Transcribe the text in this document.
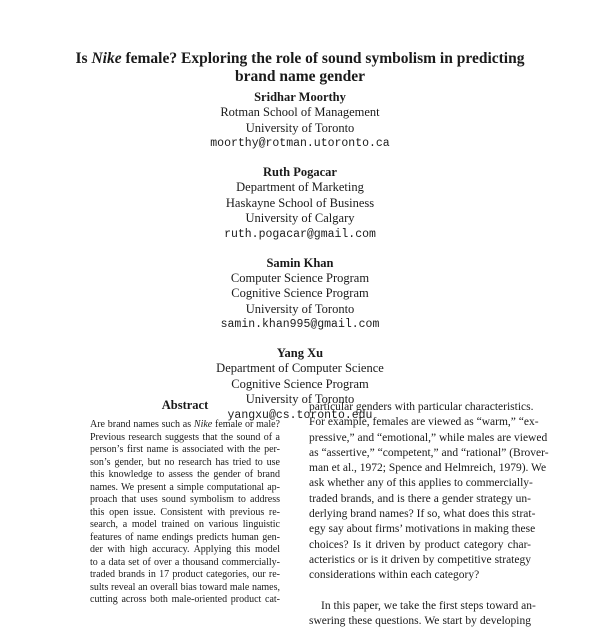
Is Nike female? Exploring the role of sound symbolism in predicting
brand name gender
Sridhar Moorthy
Rotman School of Management
University of Toronto
moorthy@rotman.utoronto.ca
Ruth Pogacar
Department of Marketing
Haskayne School of Business
University of Calgary
ruth.pogacar@gmail.com
Samin Khan
Computer Science Program
Cognitive Science Program
University of Toronto
samin.khan995@gmail.com
Yang Xu
Department of Computer Science
Cognitive Science Program
University of Toronto
yangxu@cs.toronto.edu
Abstract
Are brand names such as Nike female or male?
Previous research suggests that the sound of a
person’s first name is associated with the per-
son’s gender, but no research has tried to use
this knowledge to assess the gender of brand
names. We present a simple computational ap-
proach that uses sound symbolism to address
this open issue. Consistent with previous re-
search, a model trained on various linguistic
features of name endings predicts human gen-
der with high accuracy. Applying this model
to a data set of over a thousand commercially-
traded brands in 17 product categories, our re-
sults reveal an overall bias toward male names,
cutting across both male-oriented product cat-
particular genders with particular characteristics.
For example, females are viewed as “warm,” “ex-
pressive,” and “emotional,” while males are viewed
as “assertive,” “competent,” and “rational” (Brover-
man et al., 1972; Spence and Helmreich, 1979). We
ask whether any of this applies to commercially-
traded brands, and is there a gender strategy un-
derlying brand names? If so, what does this strat-
egy say about firms’ motivations in making these
choices? Is it driven by product category char-
acteristics or is it driven by competitive strategy
considerations within each category?
In this paper, we take the first steps toward an-
swering these questions. We start by developing
